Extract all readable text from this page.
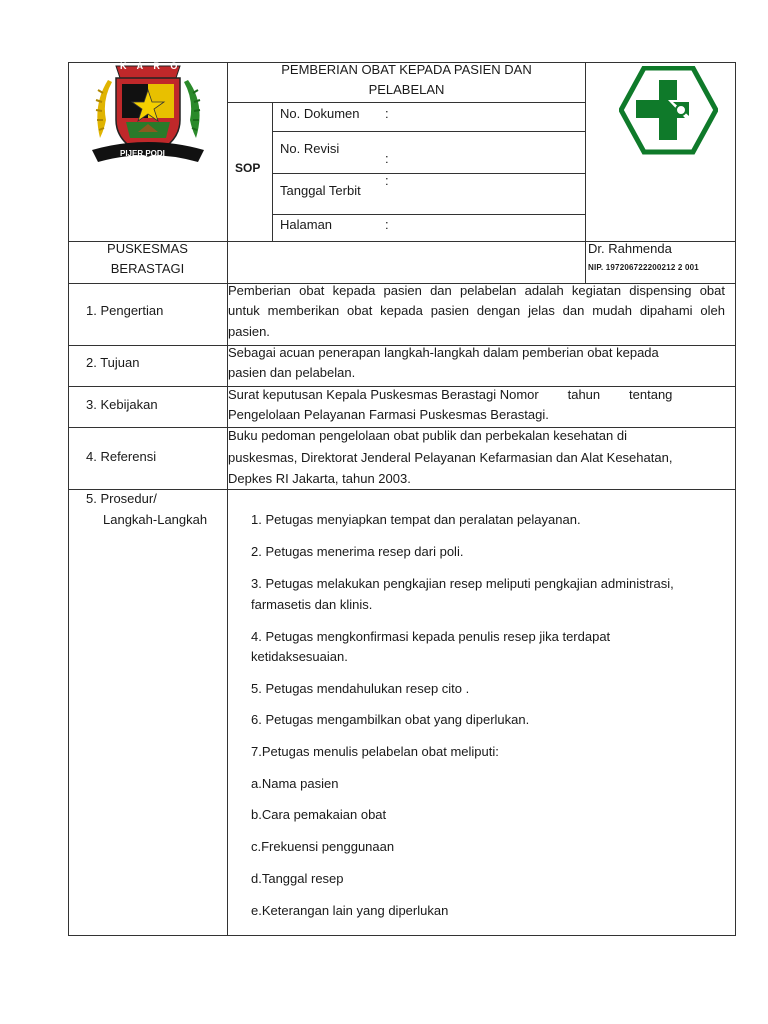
K A R O
PIJER PODI
PEMBERIAN OBAT KEPADA PASIEN DAN
PELABELAN
SOP
No. Dokumen :
No. Revisi
:
Tanggal Terbit
:
Halaman	:
PUSKESMAS
BERASTAGI
Dr. Rahmenda
NIP. 197206722200212 2 001
1. Pengertian
Pemberian obat kepada pasien dan pelabelan adalah kegiatan dispensing obat
untuk memberikan obat kepada pasien dengan jelas dan mudah dipahami oleh
pasien.
2. Tujuan
Sebagai acuan penerapan langkah-langkah dalam pemberian obat kepada
pasien dan pelabelan.
3. Kebijakan
Surat keputusan Kepala Puskesmas Berastagi Nomor        tahun        tentang
Pengelolaan Pelayanan Farmasi Puskesmas Berastagi.
4. Referensi
Buku pedoman pengelolaan obat publik dan perbekalan kesehatan di
puskesmas, Direktorat Jenderal Pelayanan Kefarmasian dan Alat Kesehatan,
Depkes RI Jakarta, tahun 2003.
5. Prosedur/
Langkah-Langkah	1. Petugas menyiapkan tempat dan peralatan pelayanan.
2. Petugas menerima resep dari poli.
3. Petugas melakukan pengkajian resep meliputi pengkajian administrasi,
farmasetis dan klinis.
4. Petugas mengkonfirmasi kepada penulis resep jika terdapat
ketidaksesuaian.
5. Petugas mendahulukan resep cito .
6. Petugas mengambilkan obat yang diperlukan.
7.Petugas menulis pelabelan obat meliputi:
a.Nama pasien
b.Cara pemakaian obat
c.Frekuensi penggunaan
d.Tanggal resep
e.Keterangan lain yang diperlukan
